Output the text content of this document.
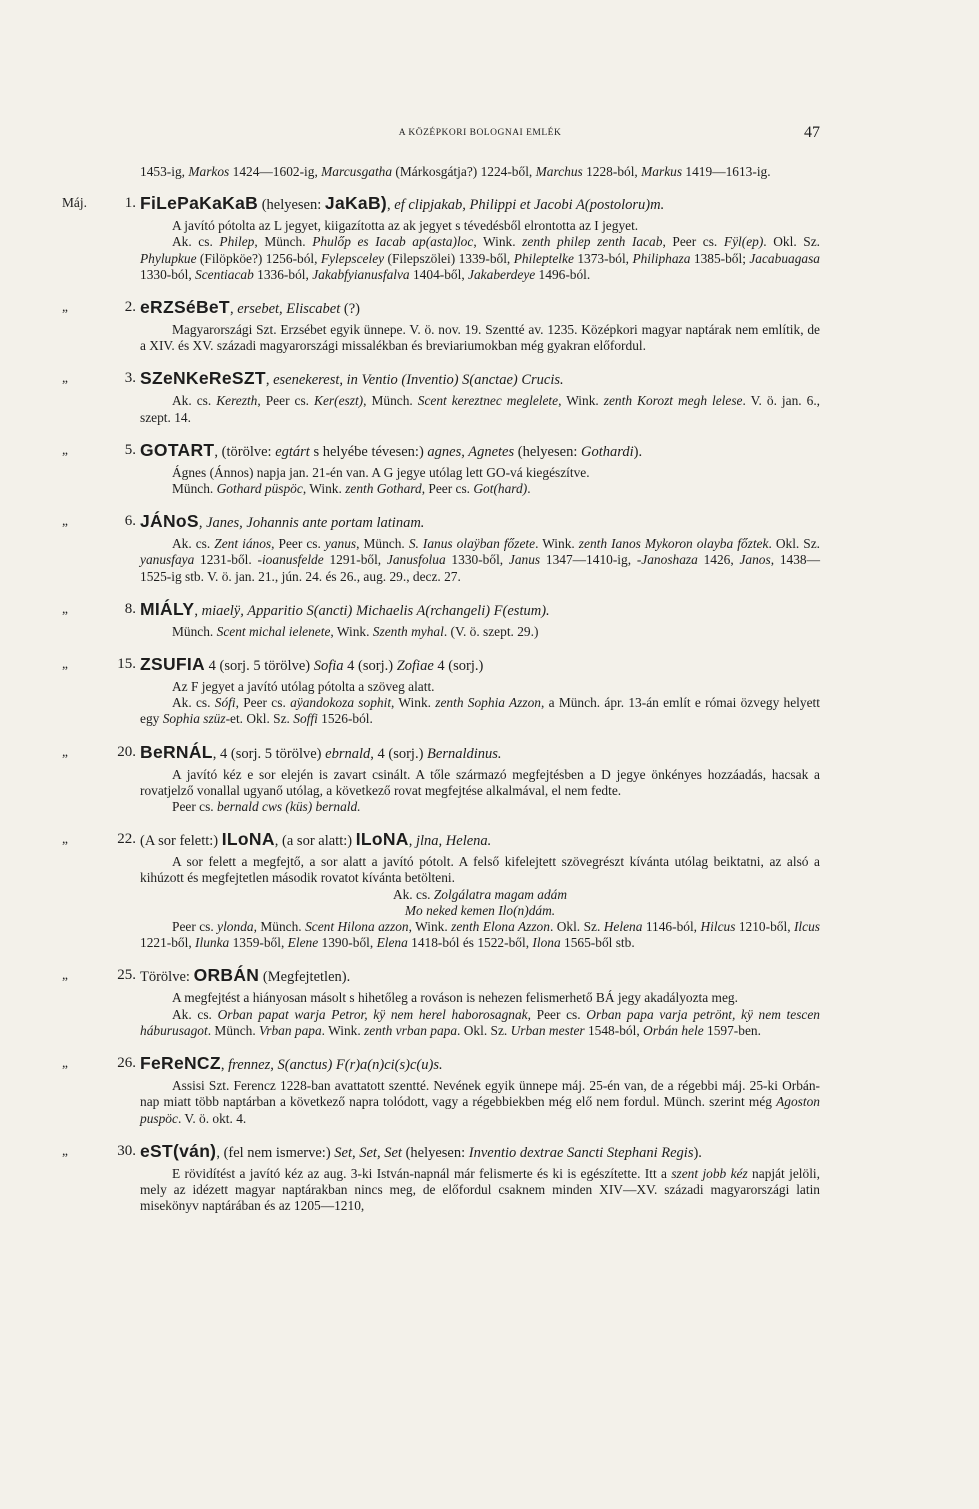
A KÖZÉPKORI BOLOGNAI EMLÉK	47

1453-ig, Markos 1424—1602-ig, Marcusgatha (Márkosgátja?) 1224-ből, Marchus 1228-ból, Markus 1419—1613-ig.

Máj.	1. FiLePaKaKaB (helyesen: JaKaB), ef clipjakab, Philippi et Jacobi A(postoloru)m.

A javító pótolta az L jegyet, kiigazította az ak jegyet s tévedésből elrontotta az I jegyet.

Ak. cs. Philep, Münch. Phulőp es Iacab ap(asta)loc, Wink. zenth philep zenth Iacab, Peer cs. Fÿl(ep). Okl. Sz. Phylupkue (Filöpköe?) 1256-ból, Fylepsceley (Filepszölei) 1339-ből, Phileptelke 1373-ból, Philiphaza 1385-ből; Jacabuagasa 1330-ból, Scentiacab 1336-ból, Jakabfyianusfalva 1404-ből, Jakaberdeye 1496-ból.

„	2. eRZSéBeT, ersebet, Eliscabet (?)

Magyarországi Szt. Erzsébet egyik ünnepe. V. ö. nov. 19. Szentté av. 1235. Középkori magyar naptárak nem említik, de a XIV. és XV. századi magyarországi missalékban és breviariumokban még gyakran előfordul.

„	3. SZeNKeReSZT, esenekerest, in Ventio (Inventio) S(anctae) Crucis.

Ak. cs. Kerezth, Peer cs. Ker(eszt), Münch. Scent kereztnec meglelete, Wink. zenth Korozt megh lelese. V. ö. jan. 6., szept. 14.

„	5. GOTART, (törölve: egtárt s helyébe tévesen:) agnes, Agnetes (helyesen: Gothardi).

Ágnes (Ánnos) napja jan. 21-én van. A G jegye utólag lett GO-vá kiegészítve.

Münch. Gothard püspöc, Wink. zenth Gothard, Peer cs. Got(hard).

„	6. JÁNoS, Janes, Johannis ante portam latinam.

Ak. cs. Zent iános, Peer cs. yanus, Münch. S. Ianus olaÿban főzete. Wink. zenth Ianos Mykoron olayba főztek. Okl. Sz. yanusfaya 1231-ből. -ioanusfelde 1291-ből, Janusfolua 1330-ből, Janus 1347—1410-ig, -Janoshaza 1426, Janos, 1438—1525-ig stb. V. ö. jan. 21., jún. 24. és 26., aug. 29., decz. 27.

„	8. MIÁLY, miaelÿ, Apparitio S(ancti) Michaelis A(rchangeli) F(estum).

Münch. Scent michal ielenete, Wink. Szenth myhal. (V. ö. szept. 29.)

„	15. ZSUFIA 4 (sorj. 5 törölve) Sofia 4 (sorj.) Zofiae 4 (sorj.)

Az F jegyet a javító utólag pótolta a szöveg alatt.

Ak. cs. Sófi, Peer cs. aÿandokoza sophit, Wink. zenth Sophia Azzon, a Münch. ápr. 13-án említ e római özvegy helyett egy Sophia szüz-et. Okl. Sz. Soffi 1526-ból.

„	20. BeRNÁL, 4 (sorj. 5 törölve) ebrnald, 4 (sorj.) Bernaldinus.

A javító kéz e sor elején is zavart csinált. A tőle származó megfejtésben a D jegye önkényes hozzáadás, hacsak a rovatjelző vonallal ugyanő utólag, a következő rovat megfejtése alkalmával, el nem fedte.

Peer cs. bernald cws (küs) bernald.

„	22. (A sor felett:) ILoNA, (a sor alatt:) ILoNA, jlna, Helena.

A sor felett a megfejtő, a sor alatt a javító pótolt. A felső kifelejtett szövegrészt kívánta utólag beiktatni, az alsó a kihúzott és megfejtetlen második rovatot kívánta betölteni.

Ak. cs. Zolgálatra magam adám

Mo neked kemen Ilo(n)dám.

Peer cs. ylonda, Münch. Scent Hilona azzon, Wink. zenth Elona Azzon. Okl. Sz. Helena 1146-ból, Hilcus 1210-ből, Ilcus 1221-ből, Ilunka 1359-ből, Elene 1390-ből, Elena 1418-ból és 1522-ből, Ilona 1565-ből stb.

„	25. Törölve: ORBÁN (Megfejtetlen).

A megfejtést a hiányosan másolt s hihetőleg a rováson is nehezen felismerhető BÁ jegy akadályozta meg.

Ak. cs. Orban papat warja Petror, kÿ nem herel haborosagnak, Peer cs. Orban papa varja petrönt, kÿ nem tescen háburusagot. Münch. Vrban papa. Wink. zenth vrban papa. Okl. Sz. Urban mester 1548-ból, Orbán hele 1597-ben.

„	26. FeReNCZ, frennez, S(anctus) F(r)a(n)ci(s)c(u)s.

Assisi Szt. Ferencz 1228-ban avattatott szentté. Nevének egyik ünnepe máj. 25-én van, de a régebbi máj. 25-ki Orbán-nap miatt több naptárban a következő napra tolódott, vagy a régebbiekben még elő nem fordul. Münch. szerint még Agoston puspöc. V. ö. okt. 4.

„	30. eST(ván), (fel nem ismerve:) Set, Set, Set (helyesen: Inventio dextrae Sancti Stephani Regis).

E rövidítést a javító kéz az aug. 3-ki István-napnál már felismerte és ki is egészítette. Itt a szent jobb kéz napját jelöli, mely az idézett magyar naptárakban nincs meg, de előfordul csaknem minden XIV—XV. századi magyarországi latin misekönyv naptárában és az 1205—1210,
